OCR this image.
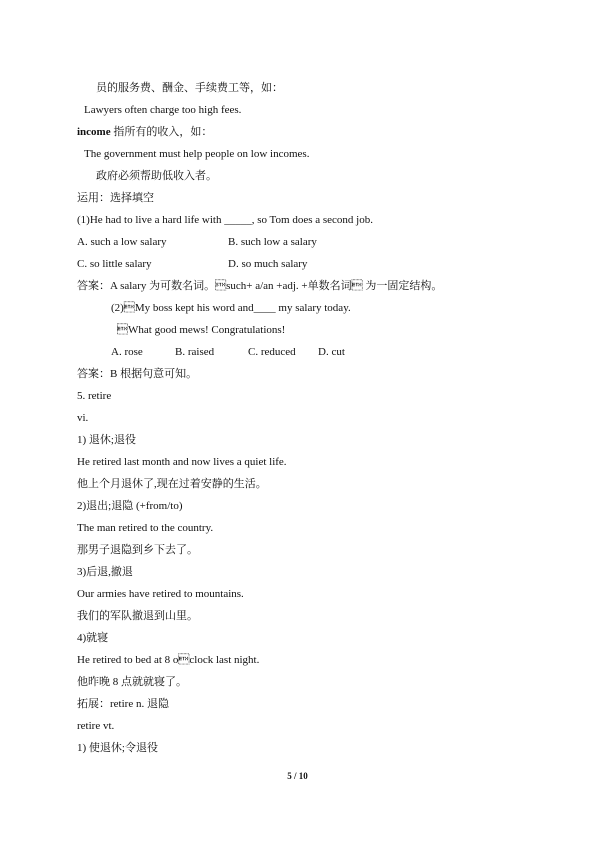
员的服务费、酬金、手续费工等，如：
Lawyers often charge too high fees.
income 指所有的收入，如：
The government must help people on low incomes.
政府必须帮助低收入者。
运用：选择填空
(1)He had to live a hard life with _____, so Tom does a second job.
A. such a low salary	B. such low a salary
C. so little salary	D. so much salary
答案：A salary 为可数名词。such+ a/an +adj. +单数名词 为一固定结构。
(2)My boss kept his word and____ my salary today.
What good mews! Congratulations!
A. rose	B. raised	C. reduced D. cut
答案：B 根据句意可知。
5. retire
vi.
1) 退休;退役
He retired last month and now lives a quiet life.
他上个月退休了,现在过着安静的生活。
2)退出;退隐 (+from/to)
The man retired to the country.
那男子退隐到乡下去了。
3)后退,撤退
Our armies have retired to mountains.
我们的军队撤退到山里。
4)就寝
He retired to bed at 8 oclock last night.
他昨晚 8 点就就寝了。
拓展：retire n. 退隐
retire vt.
1) 使退休;令退役
5 / 10
